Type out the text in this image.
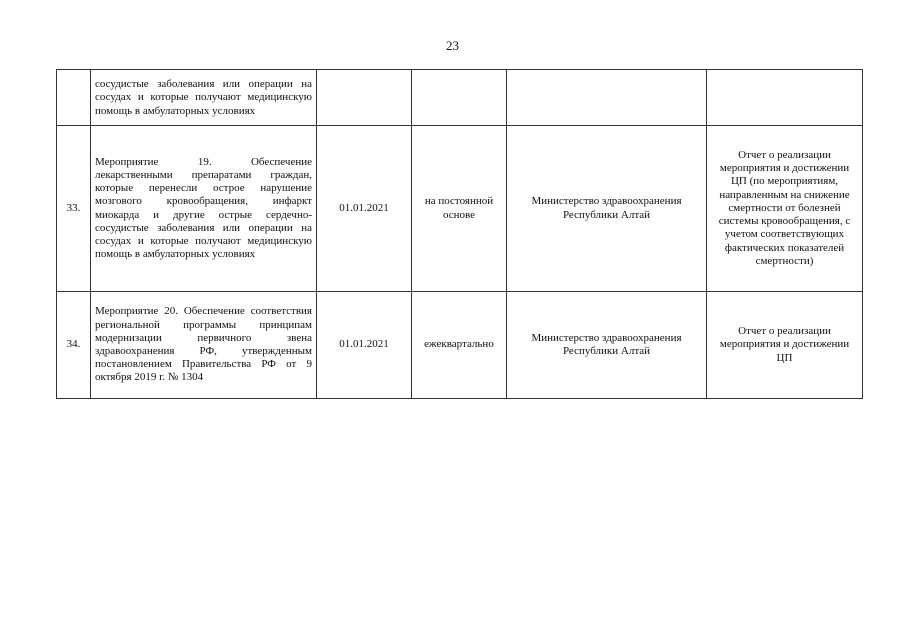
23
	сосудистые заболевания или операции на сосудах и которые получают медицинскую помощь в амбулаторных условиях				
33.	Мероприятие 19. Обеспечение лекарственными препаратами граждан, которые перенесли острое нарушение мозгового кровообращения, инфаркт миокарда и другие острые сердечно-сосудистые заболевания или операции на сосудах и которые получают медицинскую помощь в амбулаторных условиях	01.01.2021	на постоянной основе	Министерство здравоохранения Республики Алтай	Отчет о реализации мероприятия и достижении ЦП (по мероприятиям, направленным на снижение смертности от болезней системы кровообращения, с учетом соответствующих фактических показателей смертности)
34.	Мероприятие 20. Обеспечение соответствия региональной программы принципам модернизации первичного звена здравоохранения РФ, утвержденным постановлением Правительства РФ от 9 октября 2019 г. № 1304	01.01.2021	ежеквартально	Министерство здравоохранения Республики Алтай	Отчет о реализации мероприятия и достижении ЦП
